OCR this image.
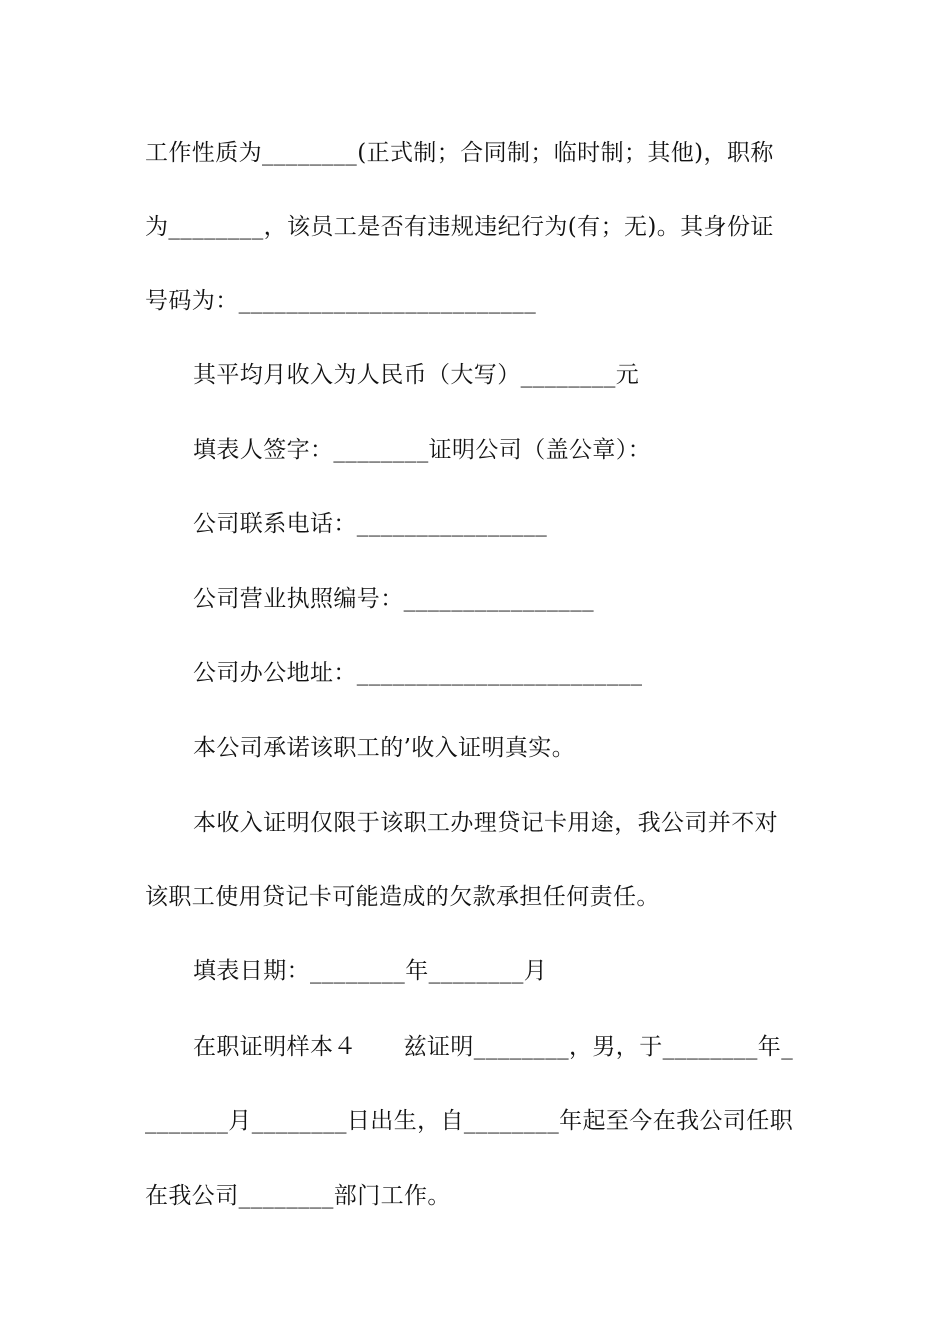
工作性质为________(正式制；合同制；临时制；其他)，职称

为________，该员工是否有违规违纪行为(有；无)。其身份证

号码为：_________________________

其平均月收入为人民币（大写）________元

填表人签字：________证明公司（盖公章）：

公司联系电话：________________

公司营业执照编号：________________

公司办公地址：________________________

本公司承诺该职工的’收入证明真实。

本收入证明仅限于该职工办理贷记卡用途，我公司并不对

该职工使用贷记卡可能造成的欠款承担任何责任。

填表日期：________年________月

在职证明样本４　　兹证明________，男，于________年_

_______月________日出生，自________年起至今在我公司任职

在我公司________部门工作。
